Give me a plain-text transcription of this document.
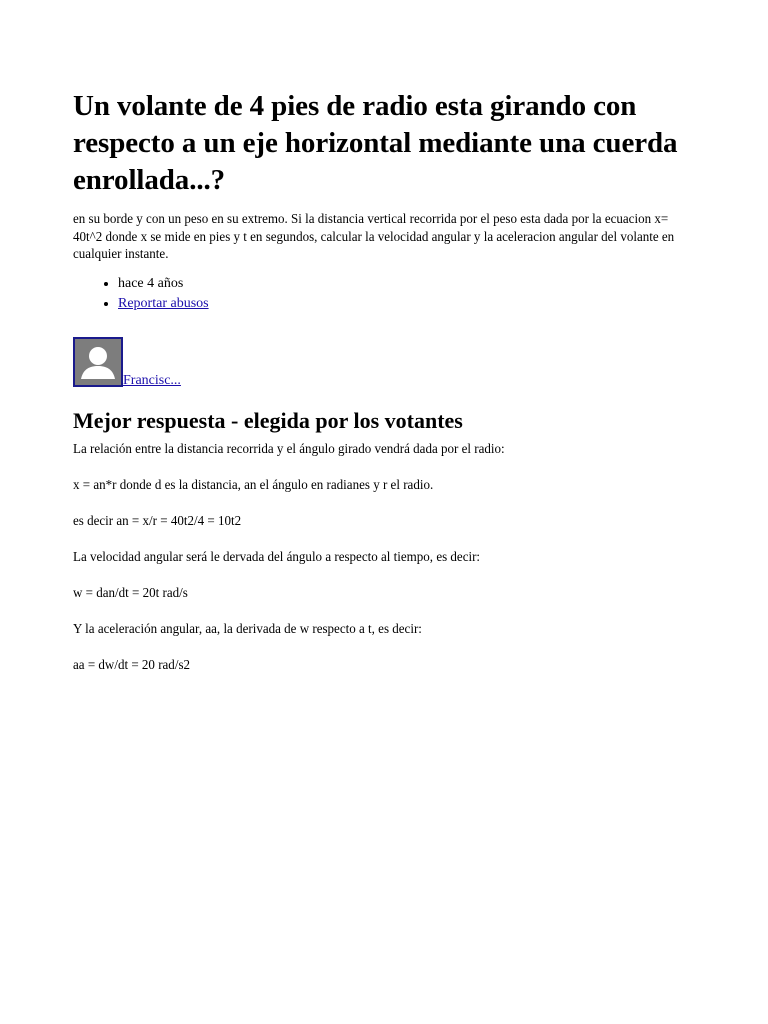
Un volante de 4 pies de radio esta girando con respecto a un eje horizontal mediante una cuerda enrollada...?
en su borde y con un peso en su extremo. Si la distancia vertical recorrida por el peso esta dada por la ecuacion x= 40t^2 donde x se mide en pies y t en segundos, calcular la velocidad angular y la aceleracion angular del volante en cualquier instante.
• hace 4 años
• Reportar abusos
Francisc...
Mejor respuesta - elegida por los votantes

La relación entre la distancia recorrida y el ángulo girado vendrá dada por el radio:

x = an*r donde d es la distancia, an el ángulo en radianes y r el radio.

es decir an = x/r = 40t2/4 = 10t2

La velocidad angular será le dervada del ángulo a respecto al tiempo, es decir:

w = dan/dt = 20t rad/s

Y la aceleración angular, aa, la derivada de w respecto a t, es decir:

aa = dw/dt = 20 rad/s2
